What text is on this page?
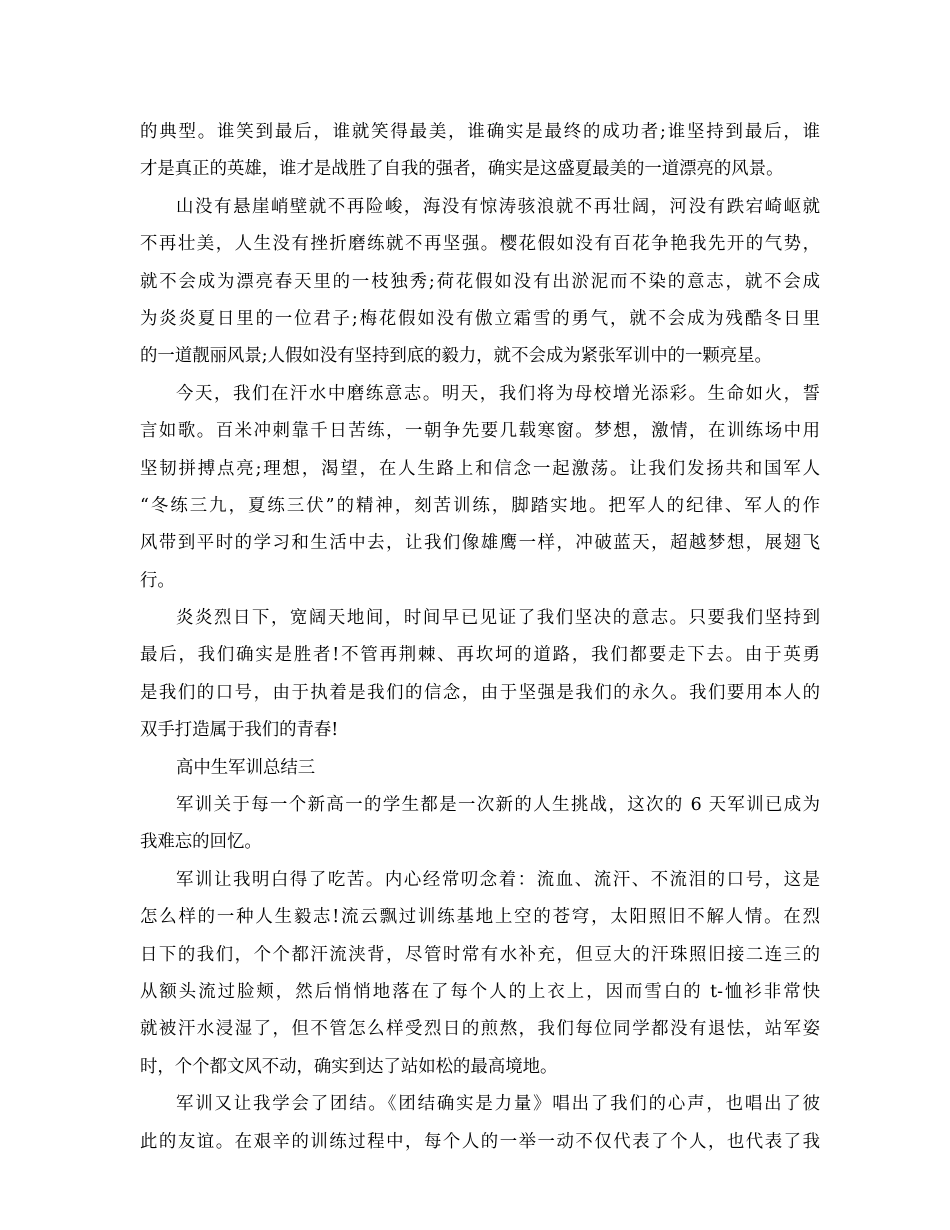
的典型。谁笑到最后，谁就笑得最美，谁确实是最终的成功者;谁坚持到最后，谁
才是真正的英雄，谁才是战胜了自我的强者，确实是这盛夏最美的一道漂亮的风景。
山没有悬崖峭壁就不再险峻，海没有惊涛骇浪就不再壮阔，河没有跌宕崎岖就
不再壮美，人生没有挫折磨练就不再坚强。樱花假如没有百花争艳我先开的气势，
就不会成为漂亮春天里的一枝独秀;荷花假如没有出淤泥而不染的意志，就不会成
为炎炎夏日里的一位君子;梅花假如没有傲立霜雪的勇气，就不会成为残酷冬日里
的一道靓丽风景;人假如没有坚持到底的毅力，就不会成为紧张军训中的一颗亮星。
今天，我们在汗水中磨练意志。明天，我们将为母校增光添彩。生命如火，誓
言如歌。百米冲刺靠千日苦练，一朝争先要几载寒窗。梦想，激情，在训练场中用
坚韧拼搏点亮;理想，渴望，在人生路上和信念一起激荡。让我们发扬共和国军人
“冬练三九，夏练三伏”的精神，刻苦训练，脚踏实地。把军人的纪律、军人的作
风带到平时的学习和生活中去，让我们像雄鹰一样，冲破蓝天，超越梦想，展翅飞
行。
炎炎烈日下，宽阔天地间，时间早已见证了我们坚决的意志。只要我们坚持到
最后，我们确实是胜者!不管再荆棘、再坎坷的道路，我们都要走下去。由于英勇
是我们的口号，由于执着是我们的信念，由于坚强是我们的永久。我们要用本人的
双手打造属于我们的青春!
高中生军训总结三
军训关于每一个新高一的学生都是一次新的人生挑战，这次的 6 天军训已成为
我难忘的回忆。
军训让我明白得了吃苦。内心经常叨念着：流血、流汗、不流泪的口号，这是
怎么样的一种人生毅志!流云飘过训练基地上空的苍穹，太阳照旧不解人情。在烈
日下的我们，个个都汗流浃背，尽管时常有水补充，但豆大的汗珠照旧接二连三的
从额头流过脸颊，然后悄悄地落在了每个人的上衣上，因而雪白的 t-恤衫非常快
就被汗水浸湿了，但不管怎么样受烈日的煎熬，我们每位同学都没有退怯，站军姿
时，个个都文风不动，确实到达了站如松的最高境地。
军训又让我学会了团结。《团结确实是力量》唱出了我们的心声，也唱出了彼
此的友谊。在艰辛的训练过程中，每个人的一举一动不仅代表了个人，也代表了我
